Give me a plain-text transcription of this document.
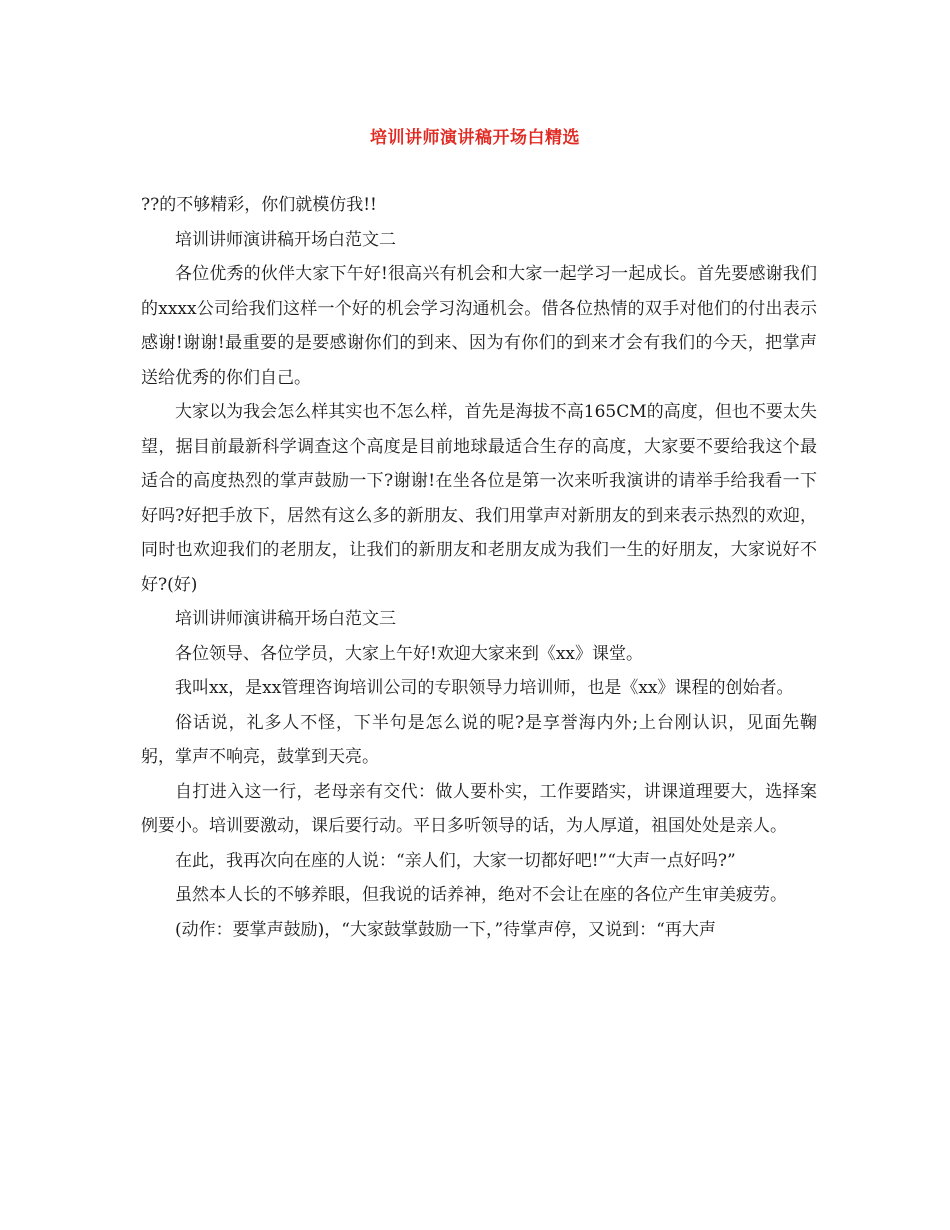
培训讲师演讲稿开场白精选

??的不够精彩，你们就模仿我!!

培训讲师演讲稿开场白范文二

各位优秀的伙伴大家下午好!很高兴有机会和大家一起学习一起成长。首先要感谢我们的xxxx公司给我们这样一个好的机会学习沟通机会。借各位热情的双手对他们的付出表示感谢!谢谢!最重要的是要感谢你们的到来、因为有你们的到来才会有我们的今天，把掌声送给优秀的你们自己。

大家以为我会怎么样其实也不怎么样，首先是海拔不高165CM的高度，但也不要太失望，据目前最新科学调查这个高度是目前地球最适合生存的高度，大家要不要给我这个最适合的高度热烈的掌声鼓励一下?谢谢!在坐各位是第一次来听我演讲的请举手给我看一下好吗?好把手放下，居然有这么多的新朋友、我们用掌声对新朋友的到来表示热烈的欢迎，同时也欢迎我们的老朋友，让我们的新朋友和老朋友成为我们一生的好朋友，大家说好不好?(好)

培训讲师演讲稿开场白范文三

各位领导、各位学员，大家上午好!欢迎大家来到《xx》课堂。

我叫xx，是xx管理咨询培训公司的专职领导力培训师，也是《xx》课程的创始者。

俗话说，礼多人不怪，下半句是怎么说的呢?是享誉海内外;上台刚认识，见面先鞠躬，掌声不响亮，鼓掌到天亮。

自打进入这一行，老母亲有交代：做人要朴实，工作要踏实，讲课道理要大，选择案例要小。培训要激动，课后要行动。平日多听领导的话，为人厚道，祖国处处是亲人。

在此，我再次向在座的人说：“亲人们，大家一切都好吧!”“大声一点好吗?”

虽然本人长的不够养眼，但我说的话养神，绝对不会让在座的各位产生审美疲劳。

(动作：要掌声鼓励)，“大家鼓掌鼓励一下，”待掌声停，又说到：“再大声
